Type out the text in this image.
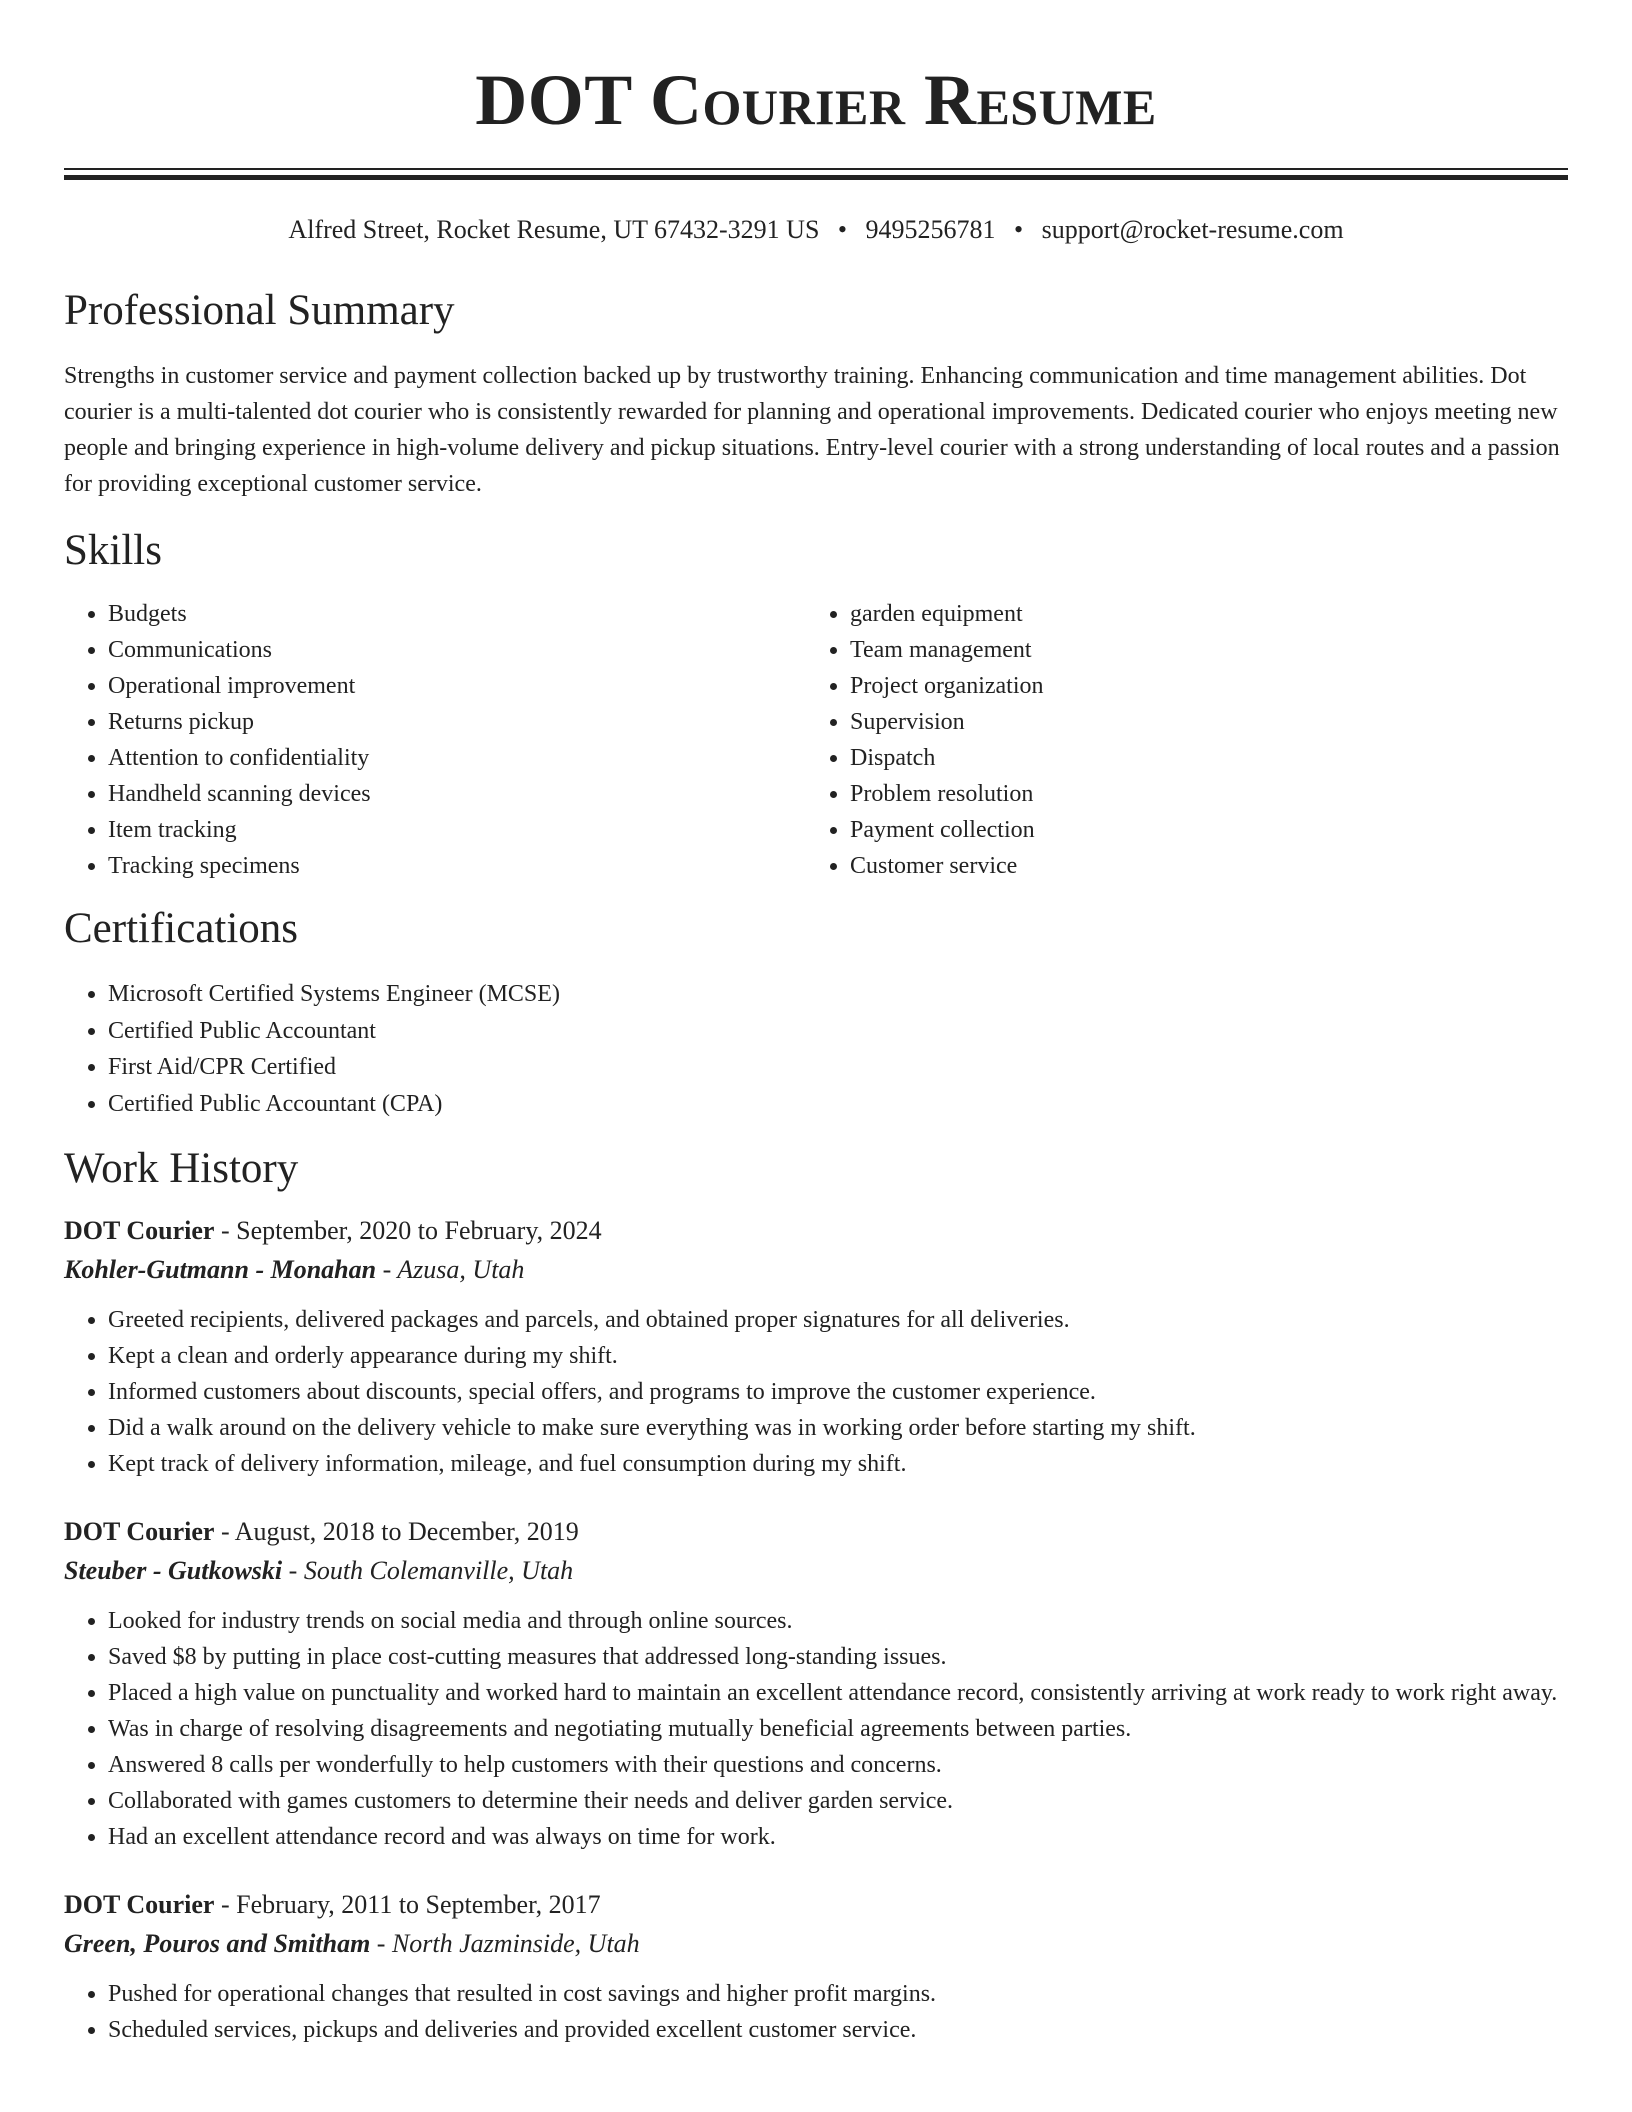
DOT Courier Resume
Alfred Street, Rocket Resume, UT 67432-3291 US • 9495256781 • support@rocket-resume.com
Professional Summary

Strengths in customer service and payment collection backed up by trustworthy training. Enhancing communication and time management abilities. Dot courier is a multi-talented dot courier who is consistently rewarded for planning and operational improvements. Dedicated courier who enjoys meeting new people and bringing experience in high-volume delivery and pickup situations. Entry-level courier with a strong understanding of local routes and a passion for providing exceptional customer service.

Skills
• Budgets
• Communications
• Operational improvement
• Returns pickup
• Attention to confidentiality
• Handheld scanning devices
• Item tracking
• Tracking specimens
• garden equipment
• Team management
• Project organization
• Supervision
• Dispatch
• Problem resolution
• Payment collection
• Customer service
Certifications
• Microsoft Certified Systems Engineer (MCSE)
• Certified Public Accountant
• First Aid/CPR Certified
• Certified Public Accountant (CPA)
Work History
DOT Courier - September, 2020 to February, 2024
Kohler-Gutmann - Monahan - Azusa, Utah
• Greeted recipients, delivered packages and parcels, and obtained proper signatures for all deliveries.
• Kept a clean and orderly appearance during my shift.
• Informed customers about discounts, special offers, and programs to improve the customer experience.
• Did a walk around on the delivery vehicle to make sure everything was in working order before starting my shift.
• Kept track of delivery information, mileage, and fuel consumption during my shift.
DOT Courier - August, 2018 to December, 2019
Steuber - Gutkowski - South Colemanville, Utah
• Looked for industry trends on social media and through online sources.
• Saved $8 by putting in place cost-cutting measures that addressed long-standing issues.
• Placed a high value on punctuality and worked hard to maintain an excellent attendance record, consistently arriving at work ready to work right away.
• Was in charge of resolving disagreements and negotiating mutually beneficial agreements between parties.
• Answered 8 calls per wonderfully to help customers with their questions and concerns.
• Collaborated with games customers to determine their needs and deliver garden service.
• Had an excellent attendance record and was always on time for work.
DOT Courier - February, 2011 to September, 2017
Green, Pouros and Smitham - North Jazminside, Utah
• Pushed for operational changes that resulted in cost savings and higher profit margins.
• Scheduled services, pickups and deliveries and provided excellent customer service.
